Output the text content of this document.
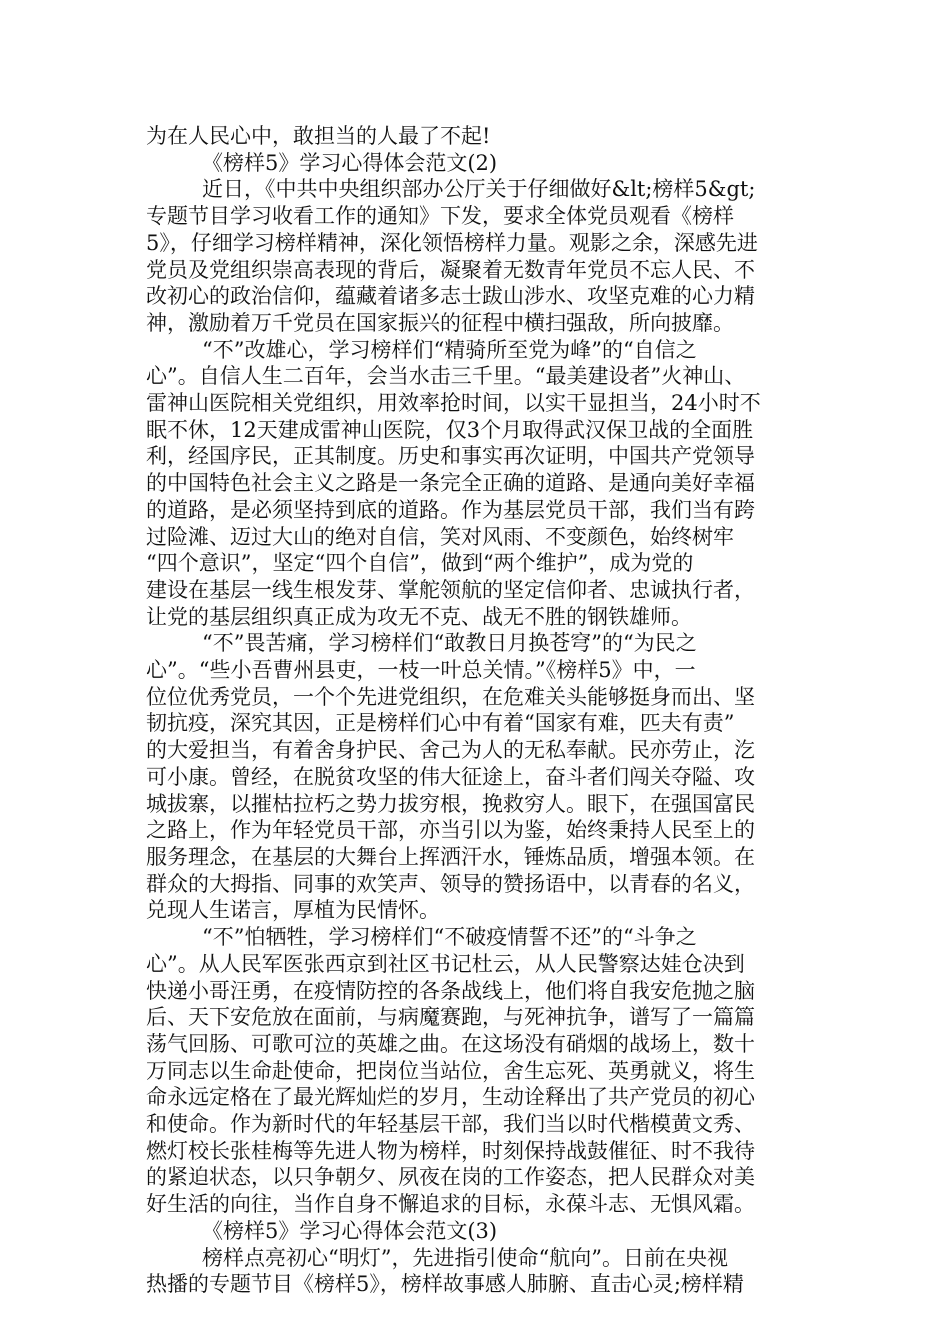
为在人民心中，敢担当的人最了不起!
《榜样5》学习心得体会范文(2)
近日，《中共中央组织部办公厅关于仔细做好&lt;榜样5&gt;
专题节目学习收看工作的通知》下发，要求全体党员观看《榜样
5》，仔细学习榜样精神，深化领悟榜样力量。观影之余，深感先进
党员及党组织崇高表现的背后，凝聚着无数青年党员不忘人民、不
改初心的政治信仰，蕴藏着诸多志士跋山涉水、攻坚克难的心力精
神，激励着万千党员在国家振兴的征程中横扫强敌，所向披靡。
“不”改雄心，学习榜样们“精骑所至党为峰”的“自信之
心”。自信人生二百年，会当水击三千里。“最美建设者”火神山、
雷神山医院相关党组织，用效率抢时间，以实干显担当，24小时不
眠不休，12天建成雷神山医院，仅3个月取得武汉保卫战的全面胜
利，经国序民，正其制度。历史和事实再次证明，中国共产党领导
的中国特色社会主义之路是一条完全正确的道路、是通向美好幸福
的道路，是必须坚持到底的道路。作为基层党员干部，我们当有跨
过险滩、迈过大山的绝对自信，笑对风雨、不变颜色，始终树牢
“四个意识”，坚定“四个自信”，做到“两个维护”，成为党的
建设在基层一线生根发芽、掌舵领航的坚定信仰者、忠诚执行者，
让党的基层组织真正成为攻无不克、战无不胜的钢铁雄师。
“不”畏苦痛，学习榜样们“敢教日月换苍穹”的“为民之
心”。“些小吾曹州县吏，一枝一叶总关情。”《榜样5》中，一
位位优秀党员，一个个先进党组织，在危难关头能够挺身而出、坚
韧抗疫，深究其因，正是榜样们心中有着“国家有难，匹夫有责”
的大爱担当，有着舍身护民、舍己为人的无私奉献。民亦劳止，汔
可小康。曾经，在脱贫攻坚的伟大征途上，奋斗者们闯关夺隘、攻
城拔寨，以摧枯拉朽之势力拔穷根，挽救穷人。眼下，在强国富民
之路上，作为年轻党员干部，亦当引以为鉴，始终秉持人民至上的
服务理念，在基层的大舞台上挥洒汗水，锤炼品质，增强本领。在
群众的大拇指、同事的欢笑声、领导的赞扬语中，以青春的名义，
兑现人生诺言，厚植为民情怀。
“不”怕牺牲，学习榜样们“不破疫情誓不还”的“斗争之
心”。从人民军医张西京到社区书记杜云，从人民警察达娃仓决到
快递小哥汪勇，在疫情防控的各条战线上，他们将自我安危抛之脑
后、天下安危放在面前，与病魔赛跑，与死神抗争，谱写了一篇篇
荡气回肠、可歌可泣的英雄之曲。在这场没有硝烟的战场上，数十
万同志以生命赴使命，把岗位当站位，舍生忘死、英勇就义，将生
命永远定格在了最光辉灿烂的岁月，生动诠释出了共产党员的初心
和使命。作为新时代的年轻基层干部，我们当以时代楷模黄文秀、
燃灯校长张桂梅等先进人物为榜样，时刻保持战鼓催征、时不我待
的紧迫状态，以只争朝夕、夙夜在岗的工作姿态，把人民群众对美
好生活的向往，当作自身不懈追求的目标，永葆斗志、无惧风霜。
《榜样5》学习心得体会范文(3)
榜样点亮初心“明灯”，先进指引使命“航向”。日前在央视
热播的专题节目《榜样5》，榜样故事感人肺腑、直击心灵;榜样精
